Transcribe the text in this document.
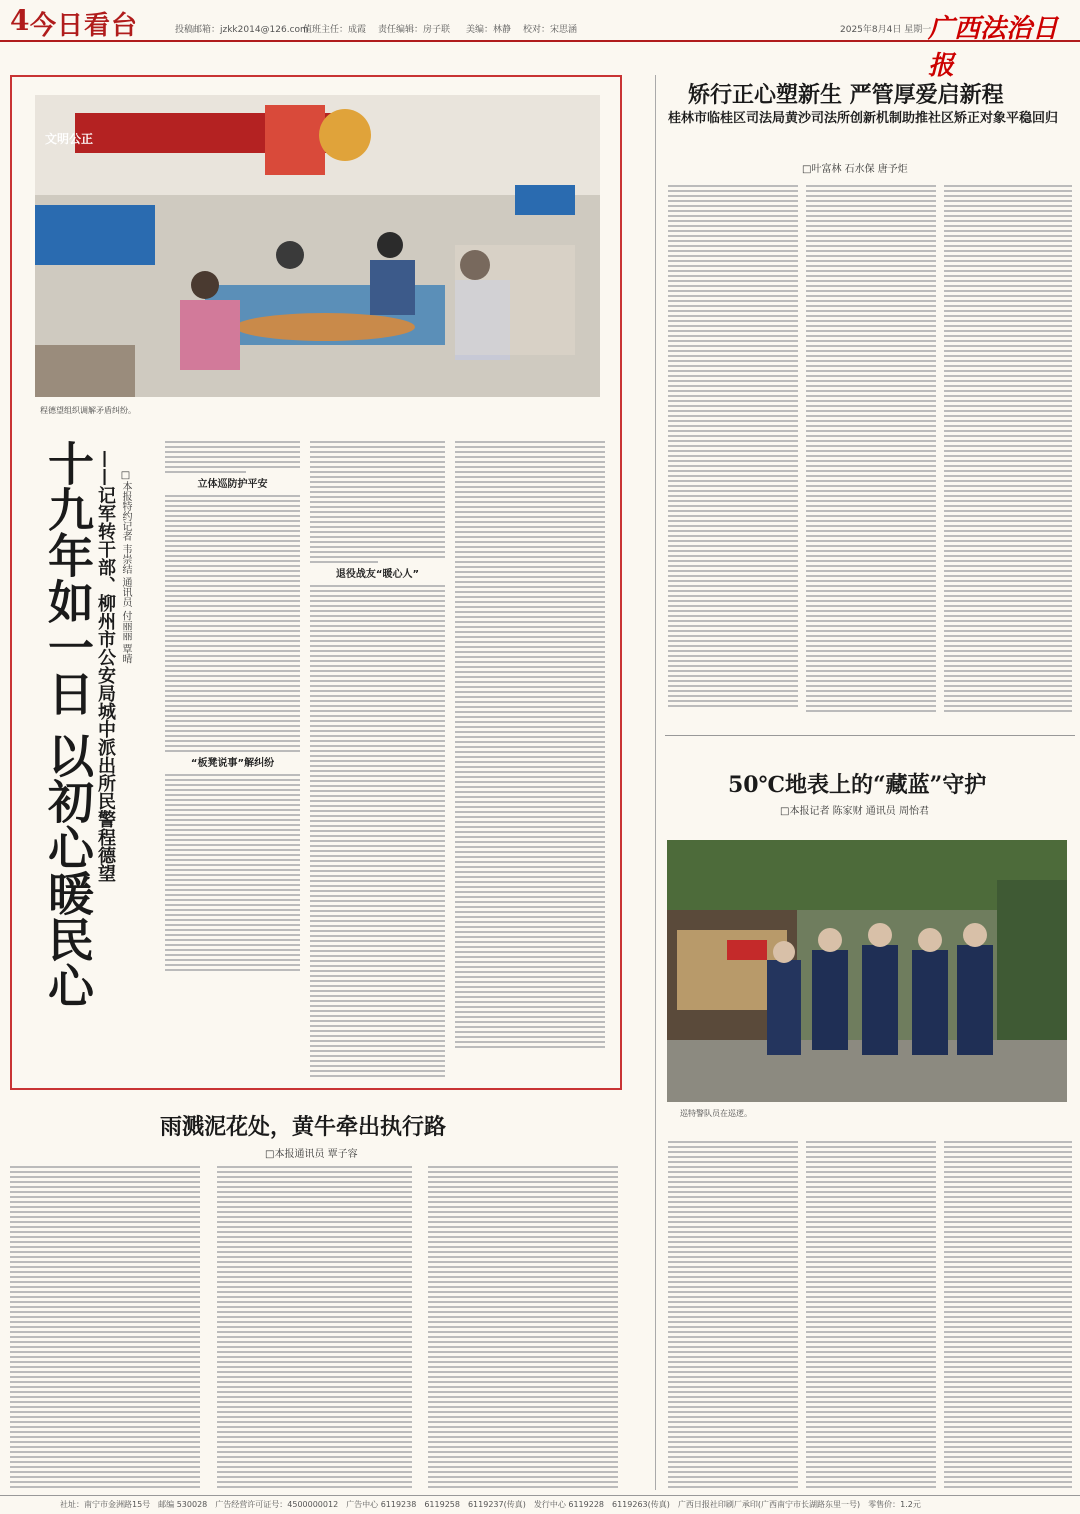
4 今日看台	投稿邮箱：jzkk2014@126.com
值班主任：成霞 责任编辑：房子联 美编：林静 校对：宋思涵	2025年8月4日 星期一
广西法治日报
文明公正
程德望组织调解矛盾纠纷。
十九年如一日 以初心暖民心 ——记军转干部、柳州市公安局城中派出所民警程德望 □本报特约记者 韦崇结 通讯员 付丽丽 覃晴	立体巡防护平安
“板凳说事”解纠纷
退役战友“暖心人”
矫行正心塑新生 严管厚爱启新程
桂林市临桂区司法局黄沙司法所创新机制助推社区矫正对象平稳回归
□叶富林 石水保 唐予炬
50℃地表上的“藏蓝”守护
□本报记者 陈家财 通讯员 周怡君
巡特警队员在巡逻。
雨溅泥花处，黄牛牵出执行路
□本报通讯员 覃子容
社址：南宁市金洲路15号　邮编 530028　广告经营许可证号：4500000012　广告中心 6119238　6119258　6119237(传真)　发行中心 6119228　6119263(传真)　广西日报社印刷厂承印(广西南宁市长湖路东里一号)　零售价：1.2元
